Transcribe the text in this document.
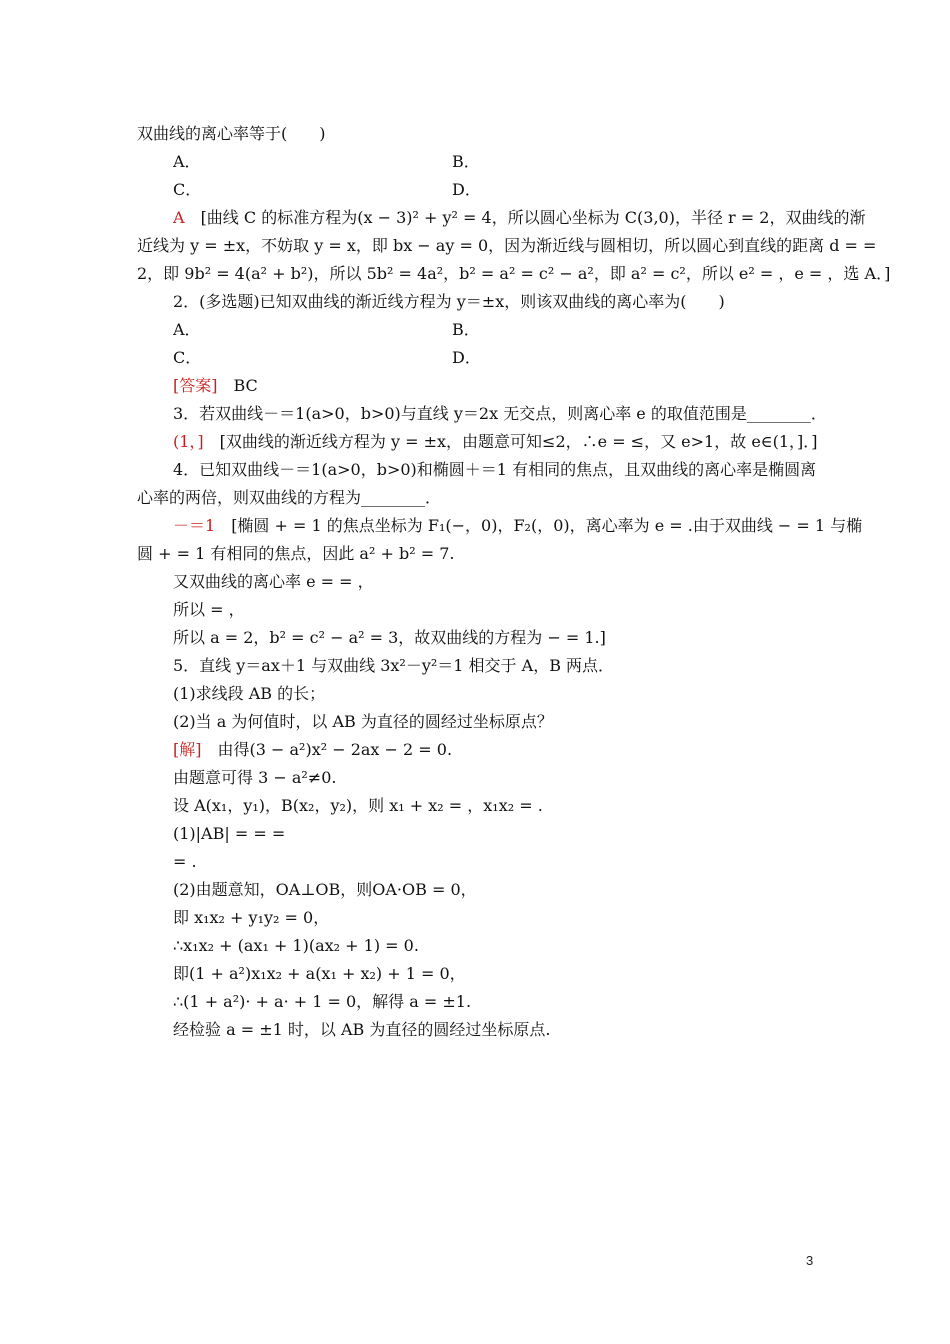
双曲线的离心率等于(　　)
A．	B．
C．	D．
A　[曲线 C 的标准方程为(x − 3)² + y² = 4，所以圆心坐标为 C(3,0)，半径 r = 2，双曲线的渐
近线为 y = ±x，不妨取 y = x，即 bx − ay = 0，因为渐近线与圆相切，所以圆心到直线的距离 d = =
2，即 9b² = 4(a² + b²)，所以 5b² = 4a²，b² = a² = c² − a²，即 a² = c²，所以 e² = ，e = ，选 A．]
2．(多选题)已知双曲线的渐近线方程为 y＝±x，则该双曲线的离心率为(　　)
A．	B．
C．	D．
[答案]　BC
3．若双曲线－＝1(a>0，b>0)与直线 y＝2x 无交点，则离心率 e 的取值范围是________．
(1，]　[双曲线的渐近线方程为 y = ±x，由题意可知≤2，∴e = ≤，又 e>1，故 e∈(1，]．]
4．已知双曲线－＝1(a>0，b>0)和椭圆＋＝1 有相同的焦点，且双曲线的离心率是椭圆离
心率的两倍，则双曲线的方程为________．
－＝1　[椭圆 + = 1 的焦点坐标为 F₁(−，0)，F₂(，0)，离心率为 e = .由于双曲线 − = 1 与椭
圆 + = 1 有相同的焦点，因此 a² + b² = 7.
又双曲线的离心率 e = = ，
所以 = ，
所以 a = 2，b² = c² − a² = 3，故双曲线的方程为 − = 1.]
5．直线 y＝ax＋1 与双曲线 3x²－y²＝1 相交于 A，B 两点．
(1)求线段 AB 的长；
(2)当 a 为何值时，以 AB 为直径的圆经过坐标原点？
[解]　由得(3 − a²)x² − 2ax − 2 = 0.
由题意可得 3 − a²≠0.
设 A(x₁，y₁)，B(x₂，y₂)，则 x₁ + x₂ = ，x₁x₂ = .
(1)|AB| = = =
= .
(2)由题意知，OA⊥OB，则OA·OB = 0，
即 x₁x₂ + y₁y₂ = 0，
∴x₁x₂ + (ax₁ + 1)(ax₂ + 1) = 0.
即(1 + a²)x₁x₂ + a(x₁ + x₂) + 1 = 0，
∴(1 + a²)· + a· + 1 = 0，解得 a = ±1.
经检验 a = ±1 时，以 AB 为直径的圆经过坐标原点.
3
